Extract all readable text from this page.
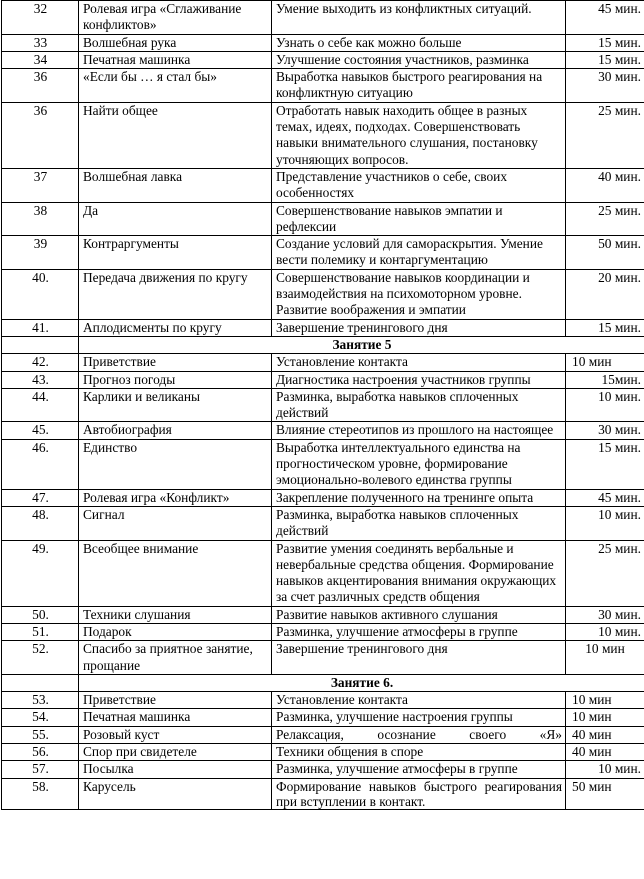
32	Ролевая игра «Сглаживание конфликтов»	Умение выходить из конфликтных ситуаций.	45 мин.
33	Волшебная рука	Узнать о себе как можно больше	15 мин.
34	Печатная машинка	Улучшение состояния участников, разминка	15 мин.
36	«Если бы … я стал бы»	Выработка навыков быстрого реагирования на конфликтную ситуацию	30 мин.
36	Найти общее	Отработать навык находить общее в разных темах, идеях, подходах. Совершенствовать навыки внимательного слушания, постановку уточняющих вопросов.	25 мин.
37	Волшебная лавка	Представление участников о себе, своих особенностях	40 мин.
38	Да	Совершенствование навыков эмпатии и рефлексии	25 мин.
39	Контраргументы	Создание условий для самораскрытия. Умение вести полемику и контаргументацию	50 мин.
40.	Передача движения по кругу	Совершенствование навыков координации и взаимодействия на психомоторном уровне. Развитие воображения и эмпатии	20 мин.
41.	Аплодисменты по кругу	Завершение тренингового дня	15 мин.
	Занятие 5		
42.	Приветствие	Установление контакта	10 мин
43.	Прогноз погоды	Диагностика настроения участников группы	15мин.
44.	Карлики и великаны	Разминка, выработка навыков сплоченных действий	10 мин.
45.	Автобиография	Влияние стереотипов из прошлого на настоящее	30 мин.
46.	Единство	Выработка интеллектуального единства на прогностическом уровне, формирование эмоционально-волевого единства группы	15 мин.
47.	Ролевая игра «Конфликт»	Закрепление полученного на тренинге опыта	45 мин.
48.	Сигнал	Разминка, выработка навыков сплоченных действий	10 мин.
49.	Всеобщее внимание	Развитие умения соединять вербальные и невербальные средства общения. Формирование навыков акцентирования внимания окружающих за счет различных средств общения	25 мин.
50.	Техники слушания	Развитие навыков активного слушания	30 мин.
51.	Подарок	Разминка, улучшение атмосферы в группе	10 мин.
52.	Спасибо за приятное занятие, прощание	Завершение тренингового дня	10 мин
	Занятие 6.		
53.	Приветствие	Установление контакта	10 мин
54.	Печатная машинка	Разминка, улучшение настроения группы	10 мин
55.	Розовый куст	Релаксация, осознание своего «Я»	40 мин
56.	Спор при свидетеле	Техники общения в споре	40 мин
57.	Посылка	Разминка, улучшение атмосферы в группе	10 мин.
58.	Карусель	Формирование навыков быстрого реагирования при вступлении в контакт.	50 мин
